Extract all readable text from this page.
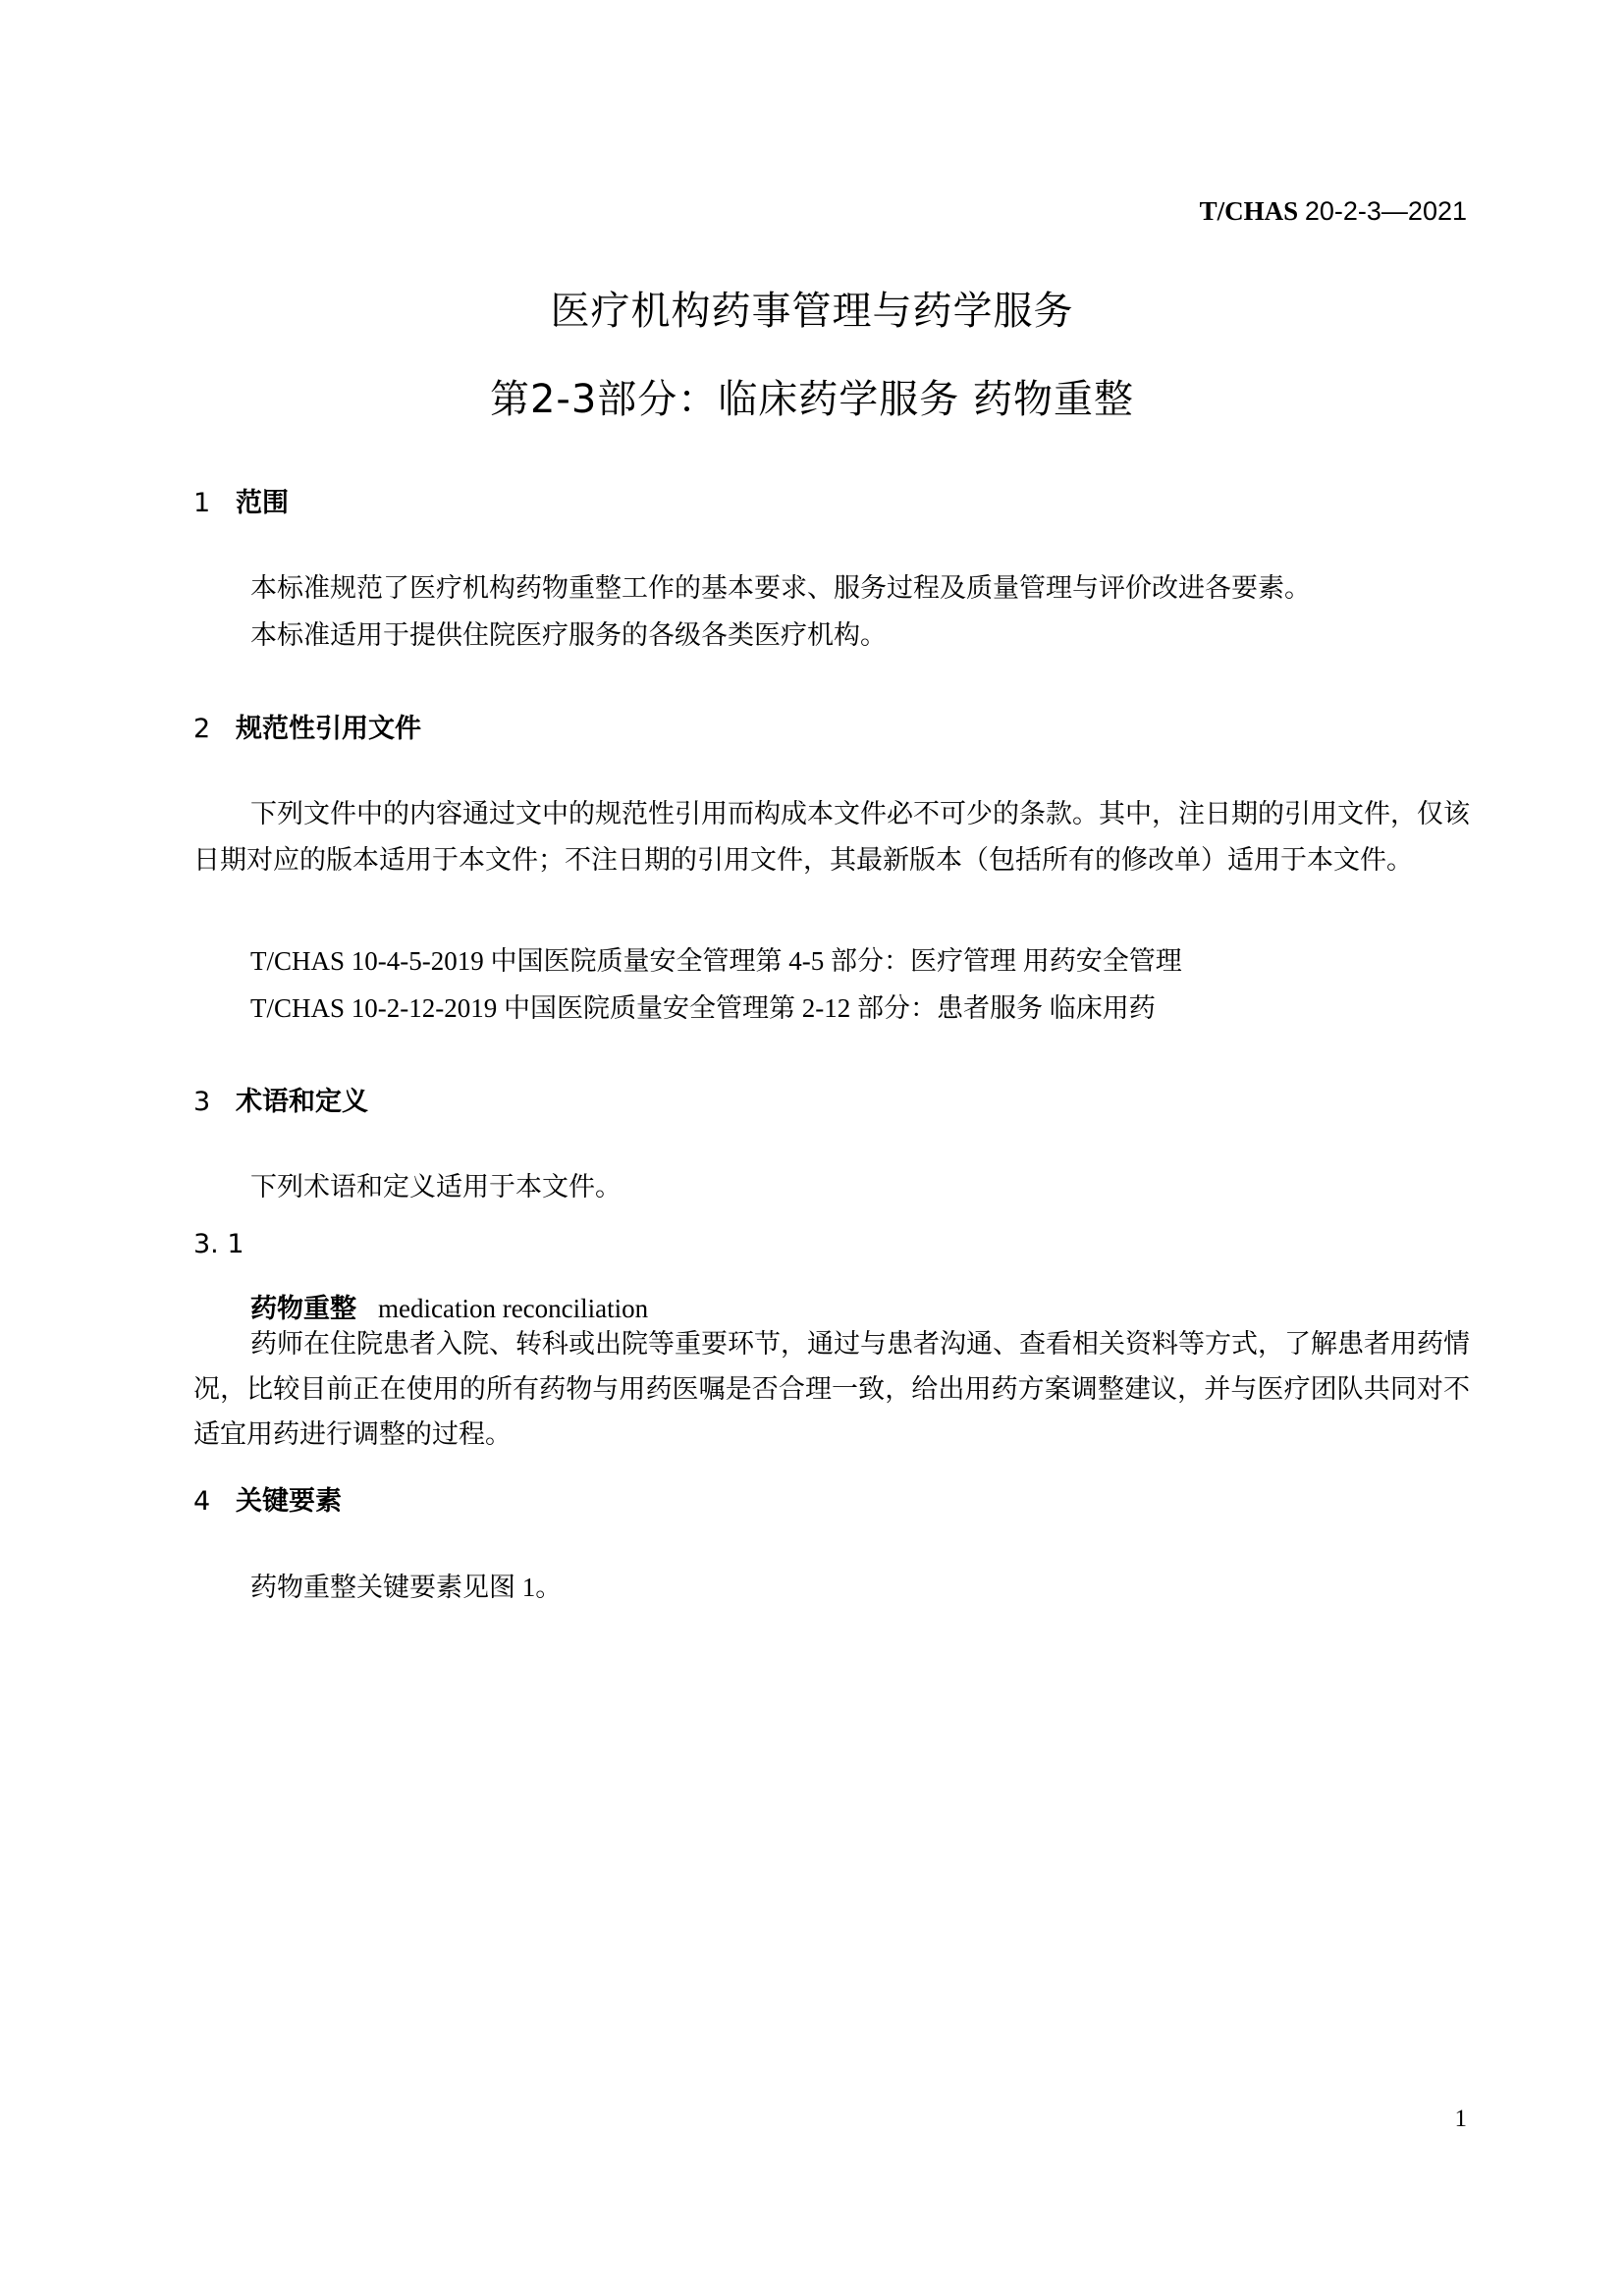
T/CHAS 20-2-3—2021
医疗机构药事管理与药学服务
第2-3部分：临床药学服务 药物重整
1 范围
本标准规范了医疗机构药物重整工作的基本要求、服务过程及质量管理与评价改进各要素。
本标准适用于提供住院医疗服务的各级各类医疗机构。
2 规范性引用文件
下列文件中的内容通过文中的规范性引用而构成本文件必不可少的条款。其中，注日期的引用文件，仅该日期对应的版本适用于本文件；不注日期的引用文件，其最新版本（包括所有的修改单）适用于本文件。
T/CHAS 10-4-5-2019 中国医院质量安全管理第 4-5 部分：医疗管理 用药安全管理
T/CHAS 10-2-12-2019 中国医院质量安全管理第 2-12 部分：患者服务 临床用药
3 术语和定义
下列术语和定义适用于本文件。
3. 1
药物重整 medication reconciliation
药师在住院患者入院、转科或出院等重要环节，通过与患者沟通、查看相关资料等方式，了解患者用药情况，比较目前正在使用的所有药物与用药医嘱是否合理一致，给出用药方案调整建议，并与医疗团队共同对不适宜用药进行调整的过程。
4 关键要素
药物重整关键要素见图 1。
1
